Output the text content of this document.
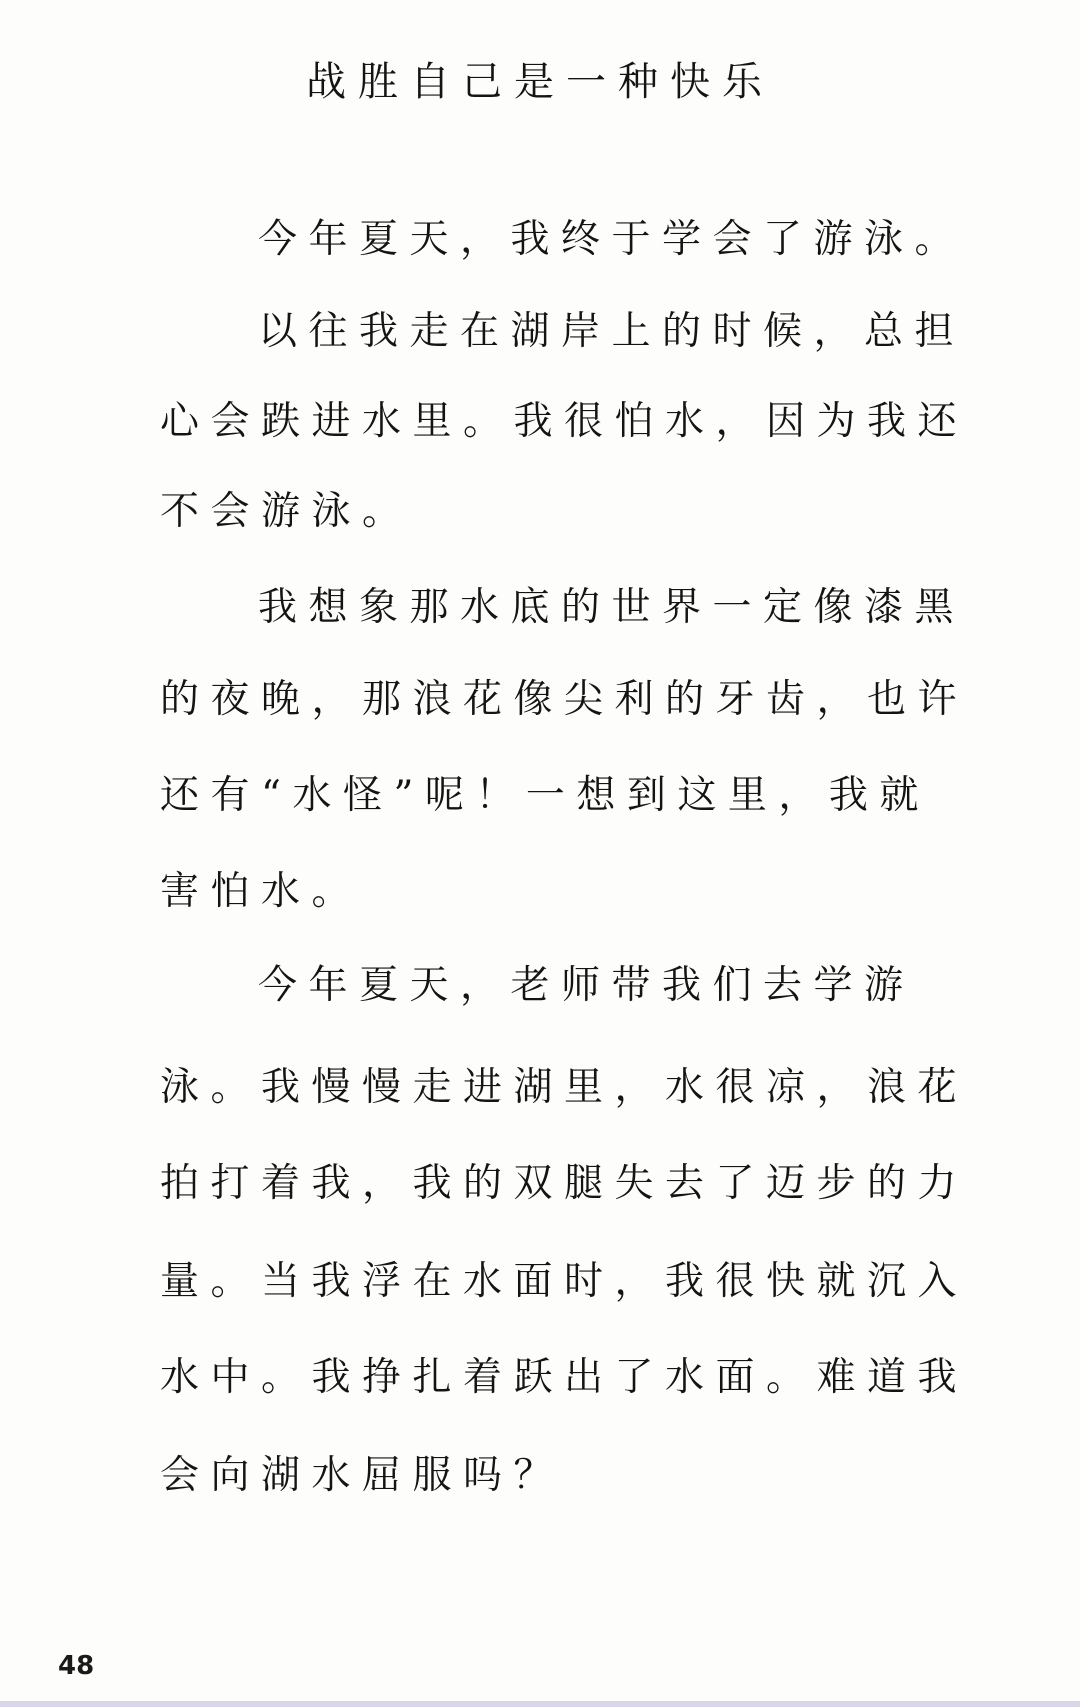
战胜自己是一种快乐
今年夏天，我终于学会了游泳。
以往我走在湖岸上的时候，总担
心会跌进水里。我很怕水，因为我还
不会游泳。
我想象那水底的世界一定像漆黑
的夜晚，那浪花像尖利的牙齿，也许
还有“水怪”呢！一想到这里，我就
害怕水。
今年夏天，老师带我们去学游
泳。我慢慢走进湖里，水很凉，浪花
拍打着我，我的双腿失去了迈步的力
量。当我浮在水面时，我很快就沉入
水中。我挣扎着跃出了水面。难道我
会向湖水屈服吗？
48
